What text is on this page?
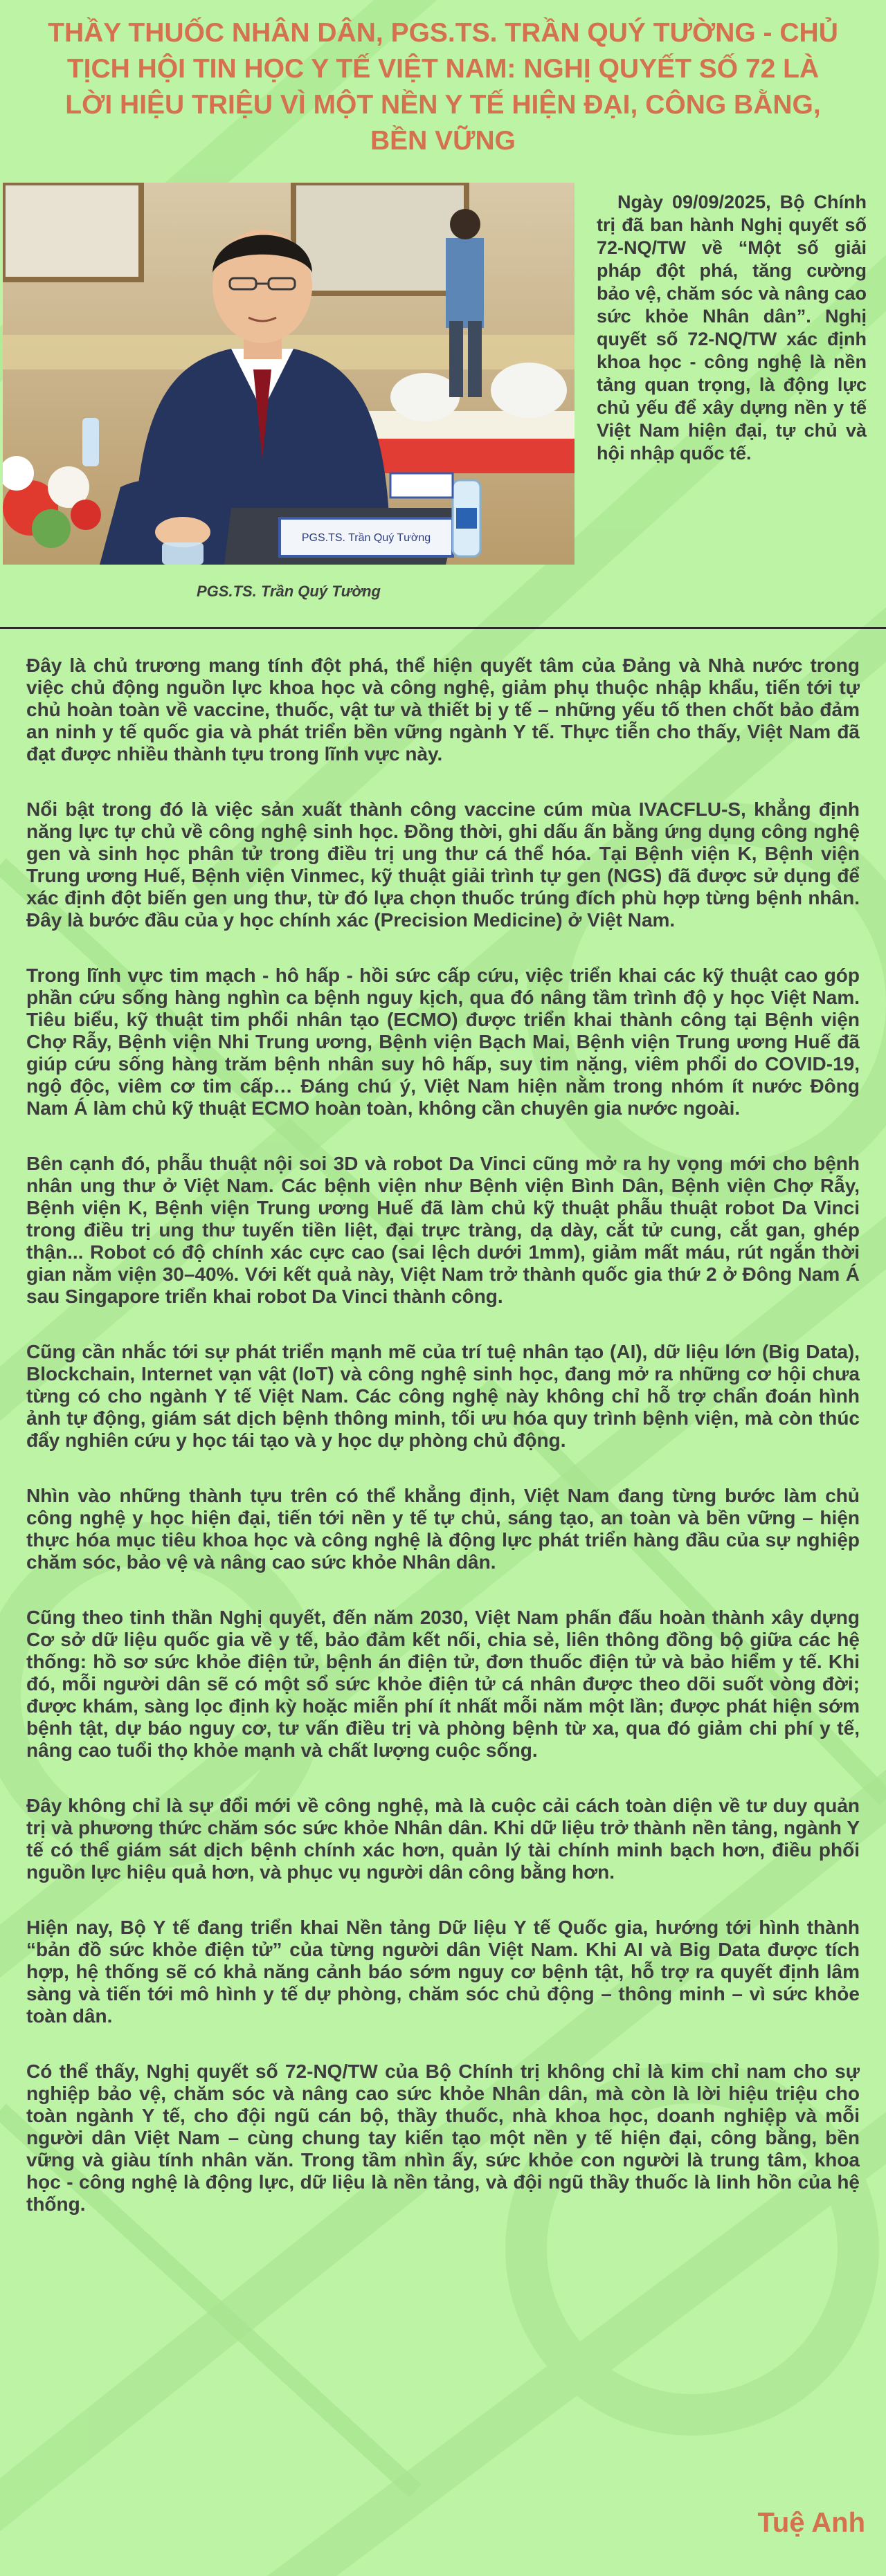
THẦY THUỐC NHÂN DÂN, PGS.TS. TRẦN QUÝ TƯỜNG - CHỦ TỊCH HỘI TIN HỌC Y TẾ VIỆT NAM: NGHỊ QUYẾT SỐ 72 LÀ LỜI HIỆU TRIỆU VÌ MỘT NỀN Y TẾ HIỆN ĐẠI, CÔNG BẰNG, BỀN VỮNG
PGS.TS. Trần Quý Tường
PGS.TS. Trần Quý Tường

Ngày 09/09/2025, Bộ Chính trị đã ban hành Nghị quyết số 72-NQ/TW về “Một số giải pháp đột phá, tăng cường bảo vệ, chăm sóc và nâng cao sức khỏe Nhân dân”. Nghị quyết số 72-NQ/TW xác định khoa học - công nghệ là nền tảng quan trọng, là động lực chủ yếu để xây dựng nền y tế Việt Nam hiện đại, tự chủ và hội nhập quốc tế.

Đây là chủ trương mang tính đột phá, thể hiện quyết tâm của Đảng và Nhà nước trong việc chủ động nguồn lực khoa học và công nghệ, giảm phụ thuộc nhập khẩu, tiến tới tự chủ hoàn toàn về vaccine, thuốc, vật tư và thiết bị y tế – những yếu tố then chốt bảo đảm an ninh y tế quốc gia và phát triển bền vững ngành Y tế. Thực tiễn cho thấy, Việt Nam đã đạt được nhiều thành tựu trong lĩnh vực này.

Nổi bật trong đó là việc sản xuất thành công vaccine cúm mùa IVACFLU-S, khẳng định năng lực tự chủ về công nghệ sinh học. Đồng thời, ghi dấu ấn bằng ứng dụng công nghệ gen và sinh học phân tử trong điều trị ung thư cá thể hóa. Tại Bệnh viện K, Bệnh viện Trung ương Huế, Bệnh viện Vinmec, kỹ thuật giải trình tự gen (NGS) đã được sử dụng để xác định đột biến gen ung thư, từ đó lựa chọn thuốc trúng đích phù hợp từng bệnh nhân. Đây là bước đầu của y học chính xác (Precision Medicine) ở Việt Nam.

Trong lĩnh vực tim mạch - hô hấp - hồi sức cấp cứu, việc triển khai các kỹ thuật cao góp phần cứu sống hàng nghìn ca bệnh nguy kịch, qua đó nâng tầm trình độ y học Việt Nam. Tiêu biểu, kỹ thuật tim phổi nhân tạo (ECMO) được triển khai thành công tại Bệnh viện Chợ Rẫy, Bệnh viện Nhi Trung ương, Bệnh viện Bạch Mai, Bệnh viện Trung ương Huế đã giúp cứu sống hàng trăm bệnh nhân suy hô hấp, suy tim nặng, viêm phổi do COVID-19, ngộ độc, viêm cơ tim cấp… Đáng chú ý, Việt Nam hiện nằm trong nhóm ít nước Đông Nam Á làm chủ kỹ thuật ECMO hoàn toàn, không cần chuyên gia nước ngoài.

Bên cạnh đó, phẫu thuật nội soi 3D và robot Da Vinci cũng mở ra hy vọng mới cho bệnh nhân ung thư ở Việt Nam. Các bệnh viện như Bệnh viện Bình Dân, Bệnh viện Chợ Rẫy, Bệnh viện K, Bệnh viện Trung ương Huế đã làm chủ kỹ thuật phẫu thuật robot Da Vinci trong điều trị ung thư tuyến tiền liệt, đại trực tràng, dạ dày, cắt tử cung, cắt gan, ghép thận... Robot có độ chính xác cực cao (sai lệch dưới 1mm), giảm mất máu, rút ngắn thời gian nằm viện 30–40%. Với kết quả này, Việt Nam trở thành quốc gia thứ 2 ở Đông Nam Á sau Singapore triển khai robot Da Vinci thành công.

Cũng cần nhắc tới sự phát triển mạnh mẽ của trí tuệ nhân tạo (AI), dữ liệu lớn (Big Data), Blockchain, Internet vạn vật (IoT) và công nghệ sinh học, đang mở ra những cơ hội chưa từng có cho ngành Y tế Việt Nam. Các công nghệ này không chỉ hỗ trợ chẩn đoán hình ảnh tự động, giám sát dịch bệnh thông minh, tối ưu hóa quy trình bệnh viện, mà còn thúc đẩy nghiên cứu y học tái tạo và y học dự phòng chủ động.

Nhìn vào những thành tựu trên có thể khẳng định, Việt Nam đang từng bước làm chủ công nghệ y học hiện đại, tiến tới nền y tế tự chủ, sáng tạo, an toàn và bền vững – hiện thực hóa mục tiêu khoa học và công nghệ là động lực phát triển hàng đầu của sự nghiệp chăm sóc, bảo vệ và nâng cao sức khỏe Nhân dân.

Cũng theo tinh thần Nghị quyết, đến năm 2030, Việt Nam phấn đấu hoàn thành xây dựng Cơ sở dữ liệu quốc gia về y tế, bảo đảm kết nối, chia sẻ, liên thông đồng bộ giữa các hệ thống: hồ sơ sức khỏe điện tử, bệnh án điện tử, đơn thuốc điện tử và bảo hiểm y tế. Khi đó, mỗi người dân sẽ có một sổ sức khỏe điện tử cá nhân được theo dõi suốt vòng đời; được khám, sàng lọc định kỳ hoặc miễn phí ít nhất mỗi năm một lần; được phát hiện sớm bệnh tật, dự báo nguy cơ, tư vấn điều trị và phòng bệnh từ xa, qua đó giảm chi phí y tế, nâng cao tuổi thọ khỏe mạnh và chất lượng cuộc sống.

Đây không chỉ là sự đổi mới về công nghệ, mà là cuộc cải cách toàn diện về tư duy quản trị và phương thức chăm sóc sức khỏe Nhân dân. Khi dữ liệu trở thành nền tảng, ngành Y tế có thể giám sát dịch bệnh chính xác hơn, quản lý tài chính minh bạch hơn, điều phối nguồn lực hiệu quả hơn, và phục vụ người dân công bằng hơn.

Hiện nay, Bộ Y tế đang triển khai Nền tảng Dữ liệu Y tế Quốc gia, hướng tới hình thành “bản đồ sức khỏe điện tử” của từng người dân Việt Nam. Khi AI và Big Data được tích hợp, hệ thống sẽ có khả năng cảnh báo sớm nguy cơ bệnh tật, hỗ trợ ra quyết định lâm sàng và tiến tới mô hình y tế dự phòng, chăm sóc chủ động – thông minh – vì sức khỏe toàn dân.

Có thể thấy, Nghị quyết số 72-NQ/TW của Bộ Chính trị không chỉ là kim chỉ nam cho sự nghiệp bảo vệ, chăm sóc và nâng cao sức khỏe Nhân dân, mà còn là lời hiệu triệu cho toàn ngành Y tế, cho đội ngũ cán bộ, thầy thuốc, nhà khoa học, doanh nghiệp và mỗi người dân Việt Nam – cùng chung tay kiến tạo một nền y tế hiện đại, công bằng, bền vững và giàu tính nhân văn. Trong tầm nhìn ấy, sức khỏe con người là trung tâm, khoa học - công nghệ là động lực, dữ liệu là nền tảng, và đội ngũ thầy thuốc là linh hồn của hệ thống.

Tuệ Anh
